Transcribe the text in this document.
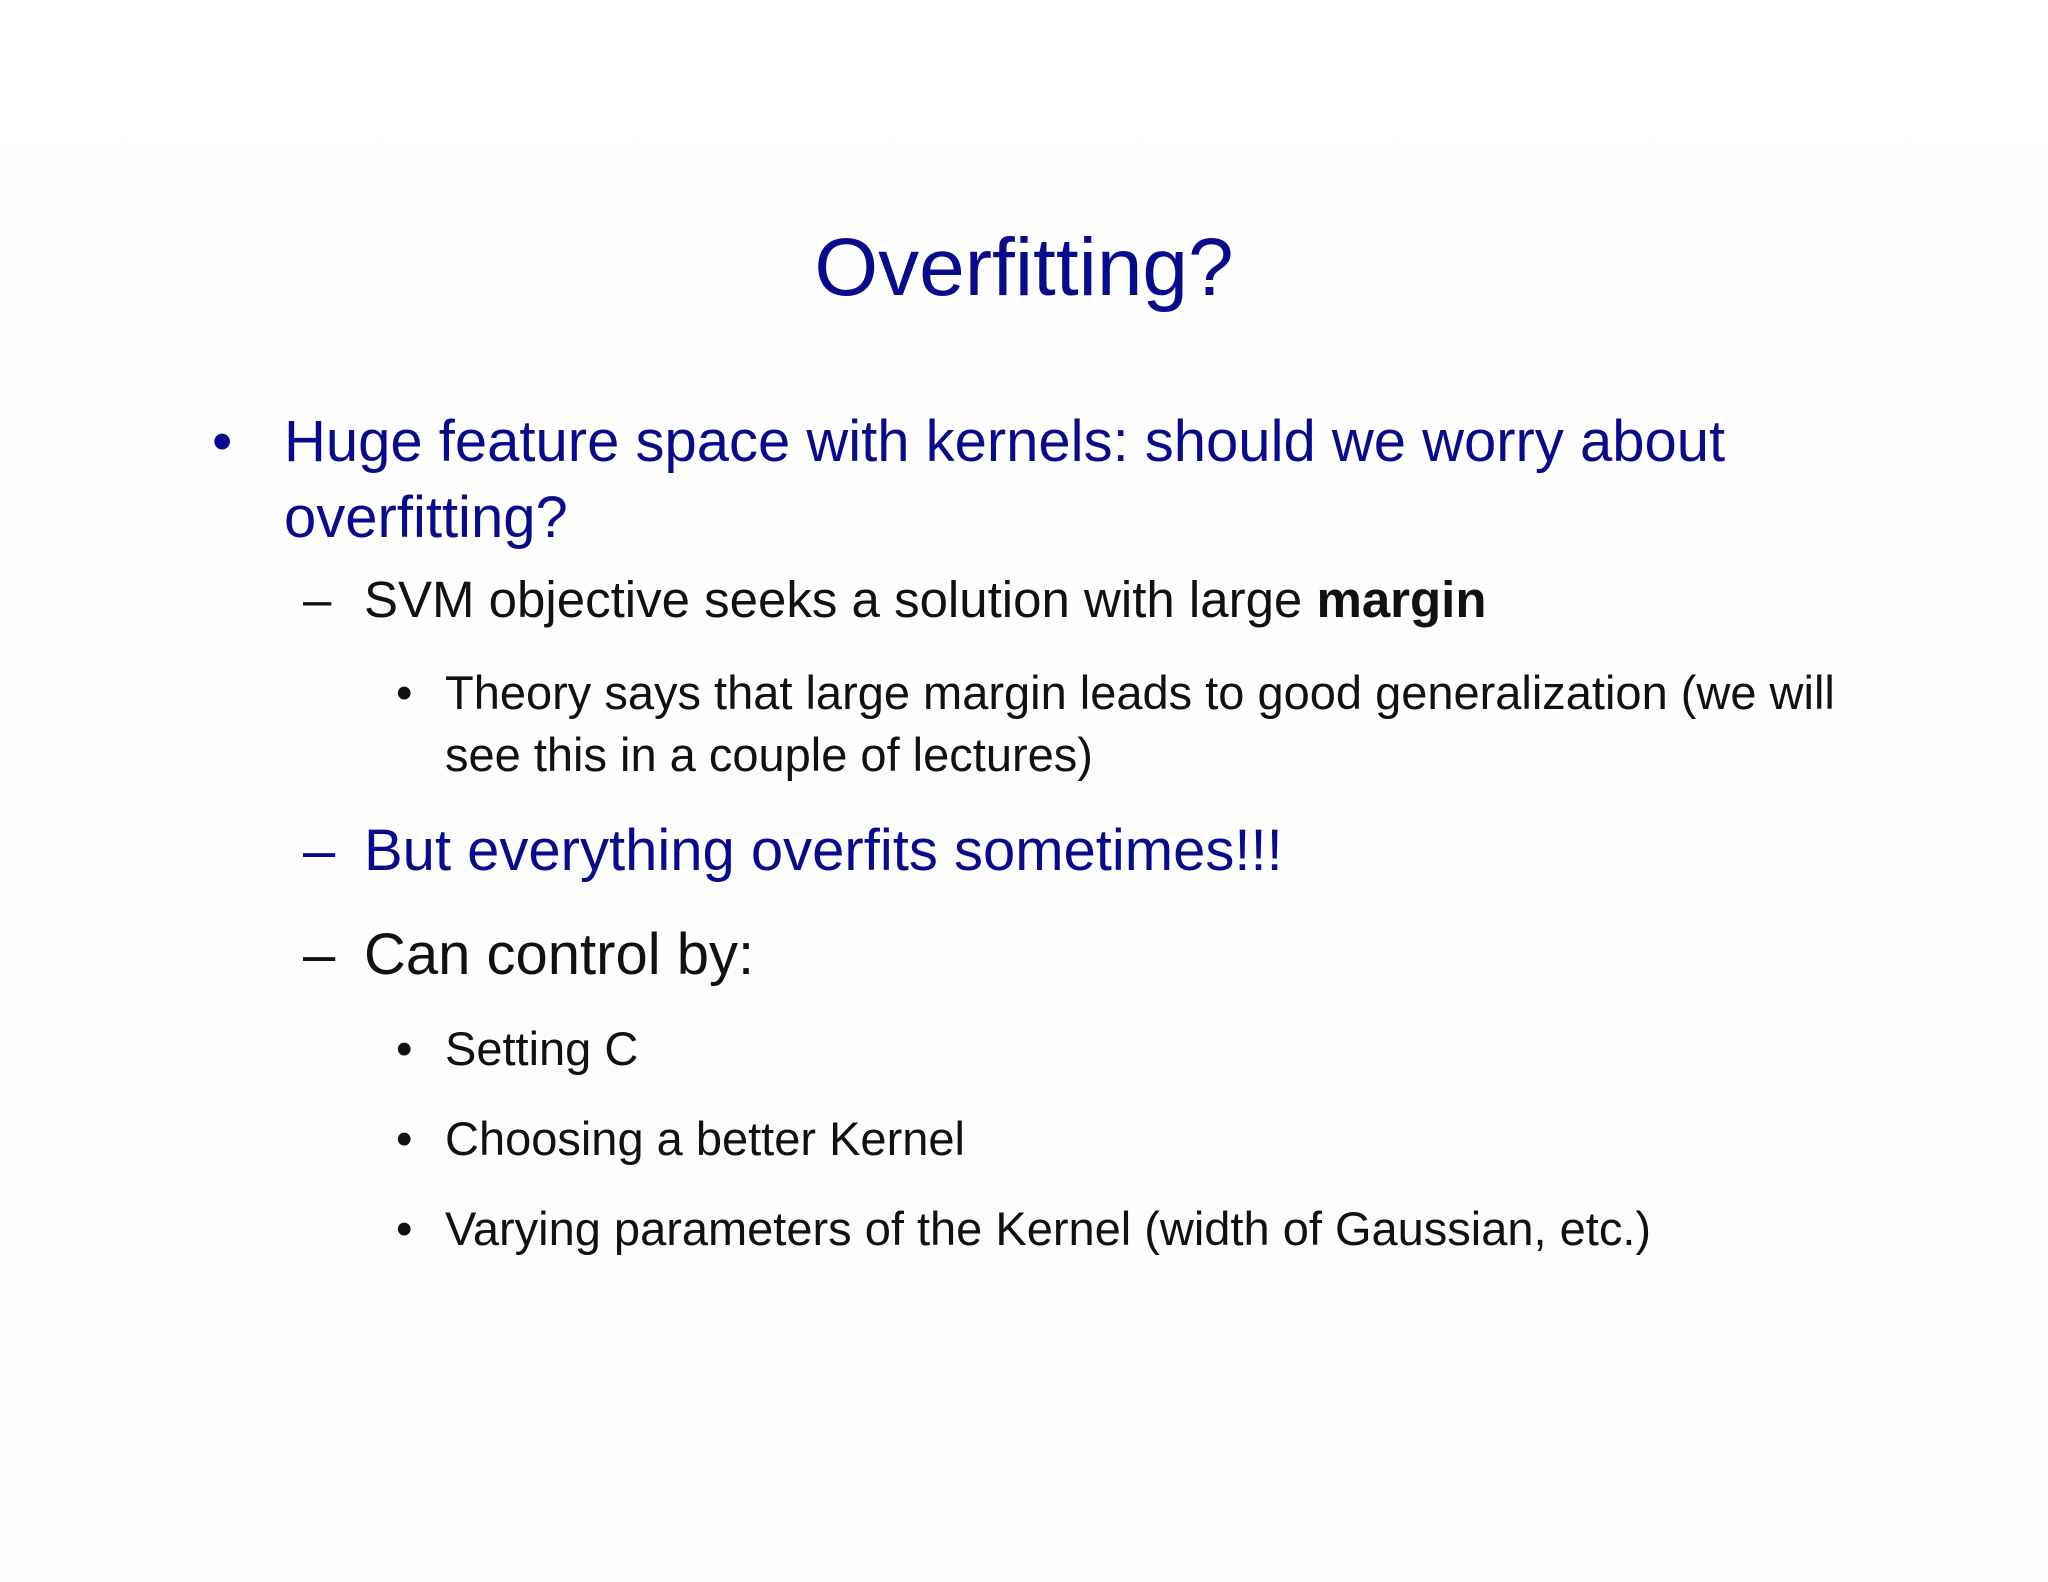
Overfitting?
• Huge feature space with kernels: should we worry about overfitting?
– SVM objective seeks a solution with large margin
• Theory says that large margin leads to good generalization (we will see this in a couple of lectures)
– But everything overfits sometimes!!!
– Can control by:
• Setting C
• Choosing a better Kernel
• Varying parameters of the Kernel (width of Gaussian, etc.)
